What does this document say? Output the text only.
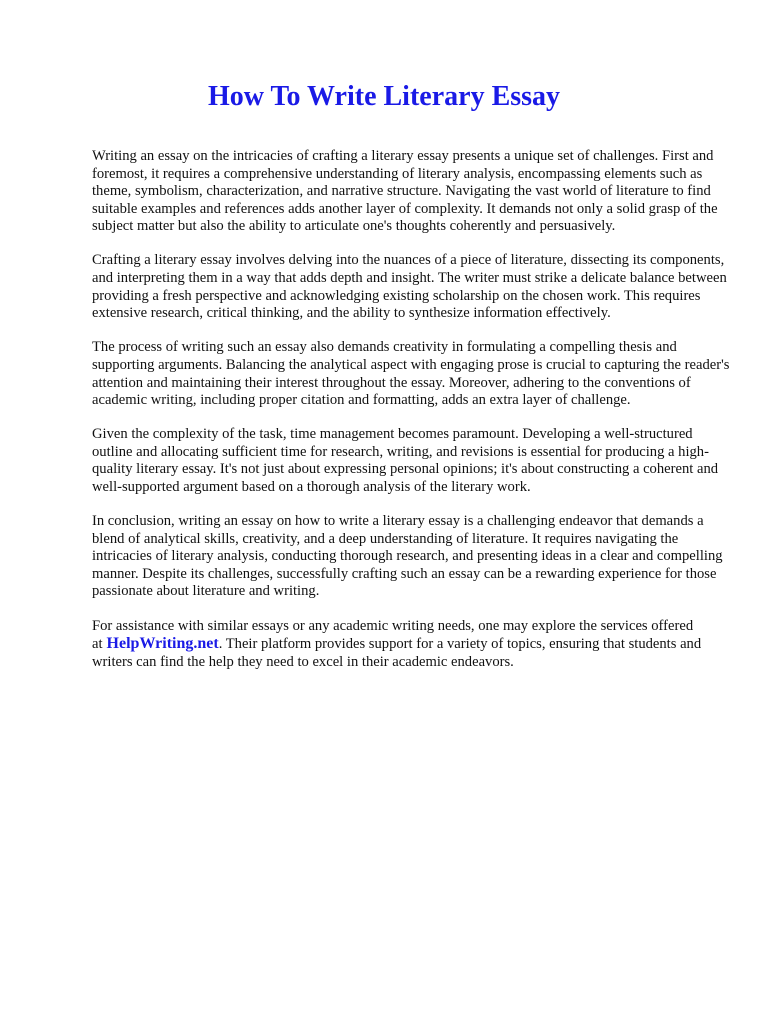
How To Write Literary Essay

Writing an essay on the intricacies of crafting a literary essay presents a unique set of challenges. First and foremost, it requires a comprehensive understanding of literary analysis, encompassing elements such as theme, symbolism, characterization, and narrative structure. Navigating the vast world of literature to find suitable examples and references adds another layer of complexity. It demands not only a solid grasp of the subject matter but also the ability to articulate one's thoughts coherently and persuasively.

Crafting a literary essay involves delving into the nuances of a piece of literature, dissecting its components, and interpreting them in a way that adds depth and insight. The writer must strike a delicate balance between providing a fresh perspective and acknowledging existing scholarship on the chosen work. This requires extensive research, critical thinking, and the ability to synthesize information effectively.

The process of writing such an essay also demands creativity in formulating a compelling thesis and supporting arguments. Balancing the analytical aspect with engaging prose is crucial to capturing the reader's attention and maintaining their interest throughout the essay. Moreover, adhering to the conventions of academic writing, including proper citation and formatting, adds an extra layer of challenge.

Given the complexity of the task, time management becomes paramount. Developing a well-structured outline and allocating sufficient time for research, writing, and revisions is essential for producing a high-quality literary essay. It's not just about expressing personal opinions; it's about constructing a coherent and well-supported argument based on a thorough analysis of the literary work.

In conclusion, writing an essay on how to write a literary essay is a challenging endeavor that demands a blend of analytical skills, creativity, and a deep understanding of literature. It requires navigating the intricacies of literary analysis, conducting thorough research, and presenting ideas in a clear and compelling manner. Despite its challenges, successfully crafting such an essay can be a rewarding experience for those passionate about literature and writing.

For assistance with similar essays or any academic writing needs, one may explore the services offered at HelpWriting.net. Their platform provides support for a variety of topics, ensuring that students and writers can find the help they need to excel in their academic endeavors.
